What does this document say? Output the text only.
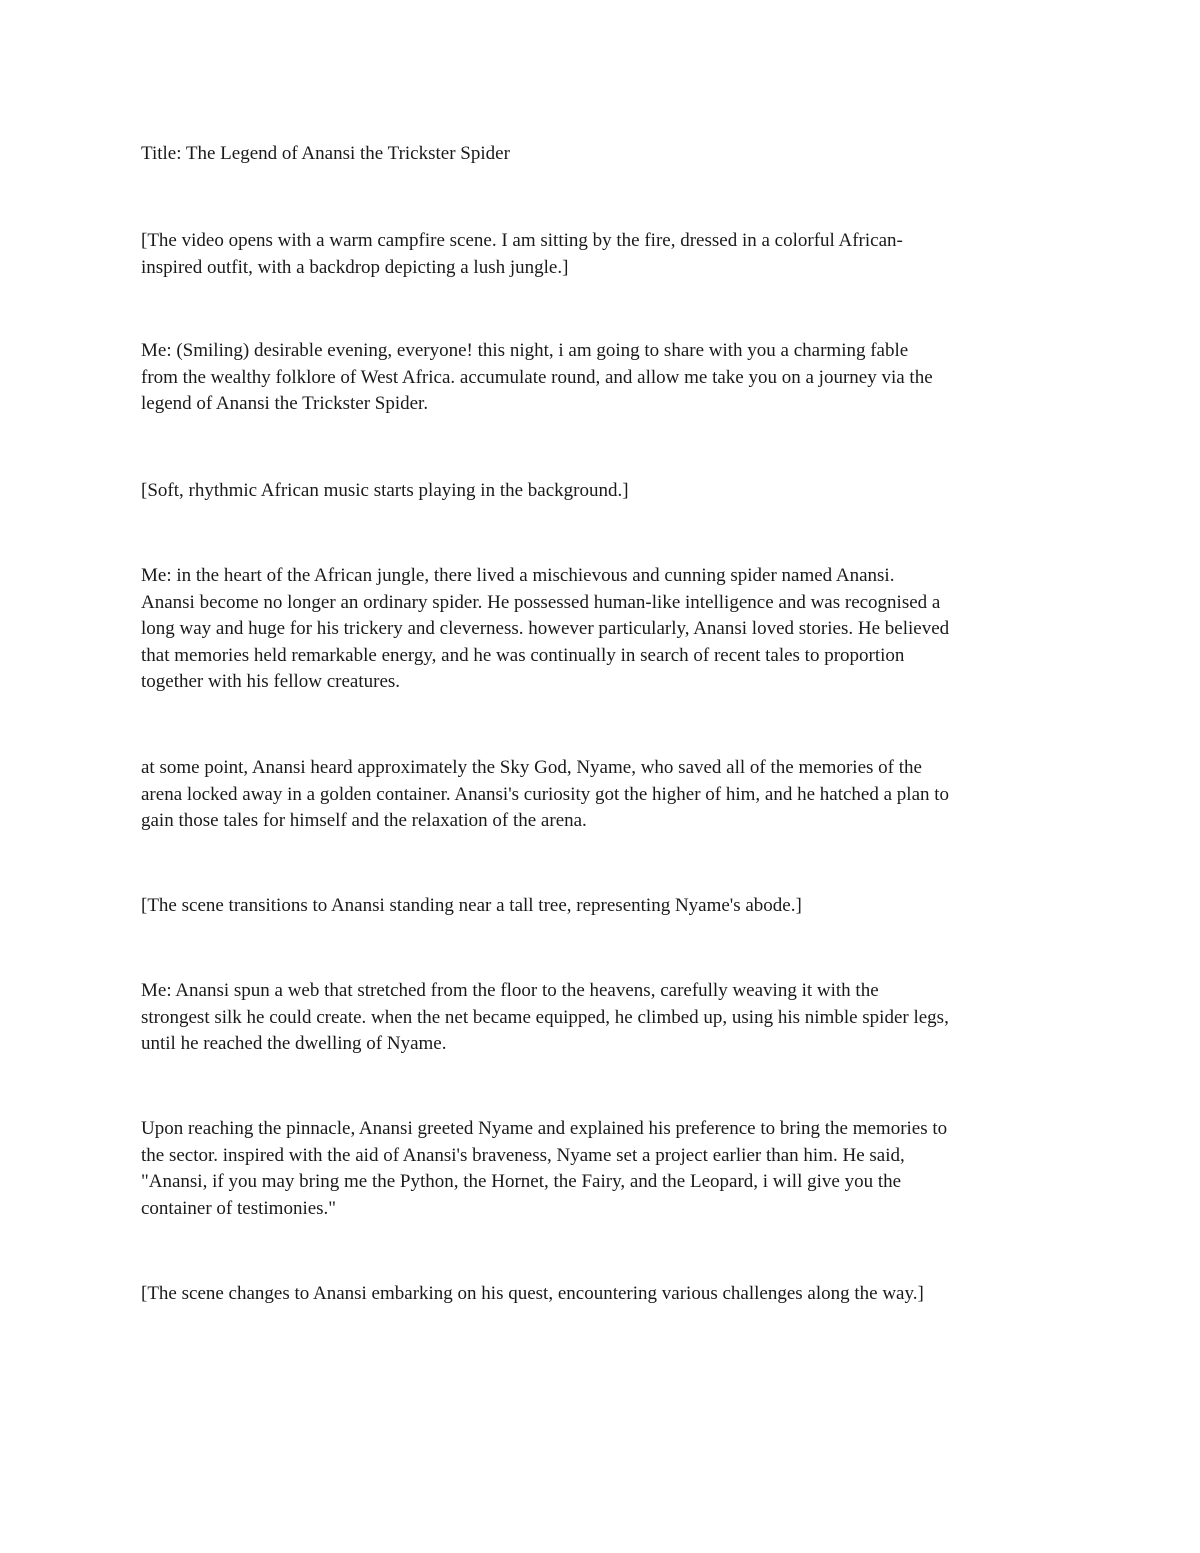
Title: The Legend of Anansi the Trickster Spider

[The video opens with a warm campfire scene. I am sitting by the fire, dressed in a colorful African-
inspired outfit, with a backdrop depicting a lush jungle.]

Me: (Smiling) desirable evening, everyone! this night, i am going to share with you a charming fable
from the wealthy folklore of West Africa. accumulate round, and allow me take you on a journey via the
legend of Anansi the Trickster Spider.

[Soft, rhythmic African music starts playing in the background.]

Me: in the heart of the African jungle, there lived a mischievous and cunning spider named Anansi.
Anansi become no longer an ordinary spider. He possessed human-like intelligence and was recognised a
long way and huge for his trickery and cleverness. however particularly, Anansi loved stories. He believed
that memories held remarkable energy, and he was continually in search of recent tales to proportion
together with his fellow creatures.

at some point, Anansi heard approximately the Sky God, Nyame, who saved all of the memories of the
arena locked away in a golden container. Anansi's curiosity got the higher of him, and he hatched a plan to
gain those tales for himself and the relaxation of the arena.

[The scene transitions to Anansi standing near a tall tree, representing Nyame's abode.]

Me: Anansi spun a web that stretched from the floor to the heavens, carefully weaving it with the
strongest silk he could create. when the net became equipped, he climbed up, using his nimble spider legs,
until he reached the dwelling of Nyame.

Upon reaching the pinnacle, Anansi greeted Nyame and explained his preference to bring the memories to
the sector. inspired with the aid of Anansi's braveness, Nyame set a project earlier than him. He said,
"Anansi, if you may bring me the Python, the Hornet, the Fairy, and the Leopard, i will give you the
container of testimonies."

[The scene changes to Anansi embarking on his quest, encountering various challenges along the way.]
